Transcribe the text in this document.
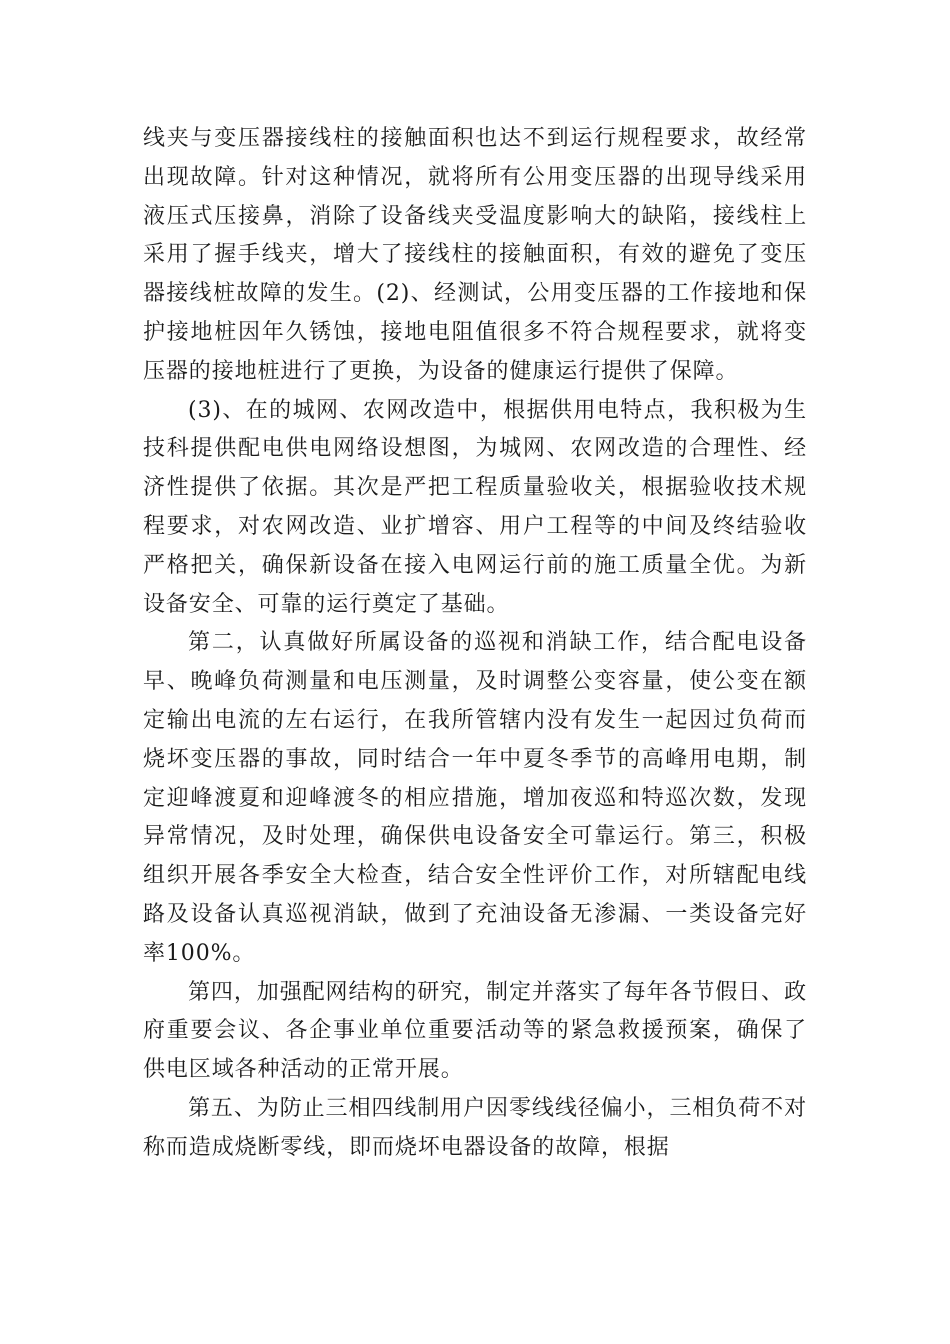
线夹与变压器接线柱的接触面积也达不到运行规程要求，故经常出现故障。针对这种情况，就将所有公用变压器的出现导线采用液压式压接鼻，消除了设备线夹受温度影响大的缺陷，接线柱上采用了握手线夹，增大了接线柱的接触面积，有效的避免了变压器接线桩故障的发生。(2)、经测试，公用变压器的工作接地和保护接地桩因年久锈蚀，接地电阻值很多不符合规程要求，就将变压器的接地桩进行了更换，为设备的健康运行提供了保障。

(3)、在的城网、农网改造中，根据供用电特点，我积极为生技科提供配电供电网络设想图，为城网、农网改造的合理性、经济性提供了依据。其次是严把工程质量验收关，根据验收技术规程要求，对农网改造、业扩增容、用户工程等的中间及终结验收严格把关，确保新设备在接入电网运行前的施工质量全优。为新设备安全、可靠的运行奠定了基础。

第二，认真做好所属设备的巡视和消缺工作，结合配电设备早、晚峰负荷测量和电压测量，及时调整公变容量，使公变在额定输出电流的左右运行，在我所管辖内没有发生一起因过负荷而烧坏变压器的事故，同时结合一年中夏冬季节的高峰用电期，制定迎峰渡夏和迎峰渡冬的相应措施，增加夜巡和特巡次数，发现异常情况，及时处理，确保供电设备安全可靠运行。第三，积极组织开展各季安全大检查，结合安全性评价工作，对所辖配电线路及设备认真巡视消缺，做到了充油设备无渗漏、一类设备完好率100%。

第四，加强配网结构的研究，制定并落实了每年各节假日、政府重要会议、各企事业单位重要活动等的紧急救援预案，确保了供电区域各种活动的正常开展。

第五、为防止三相四线制用户因零线线径偏小，三相负荷不对称而造成烧断零线，即而烧坏电器设备的故障，根据
